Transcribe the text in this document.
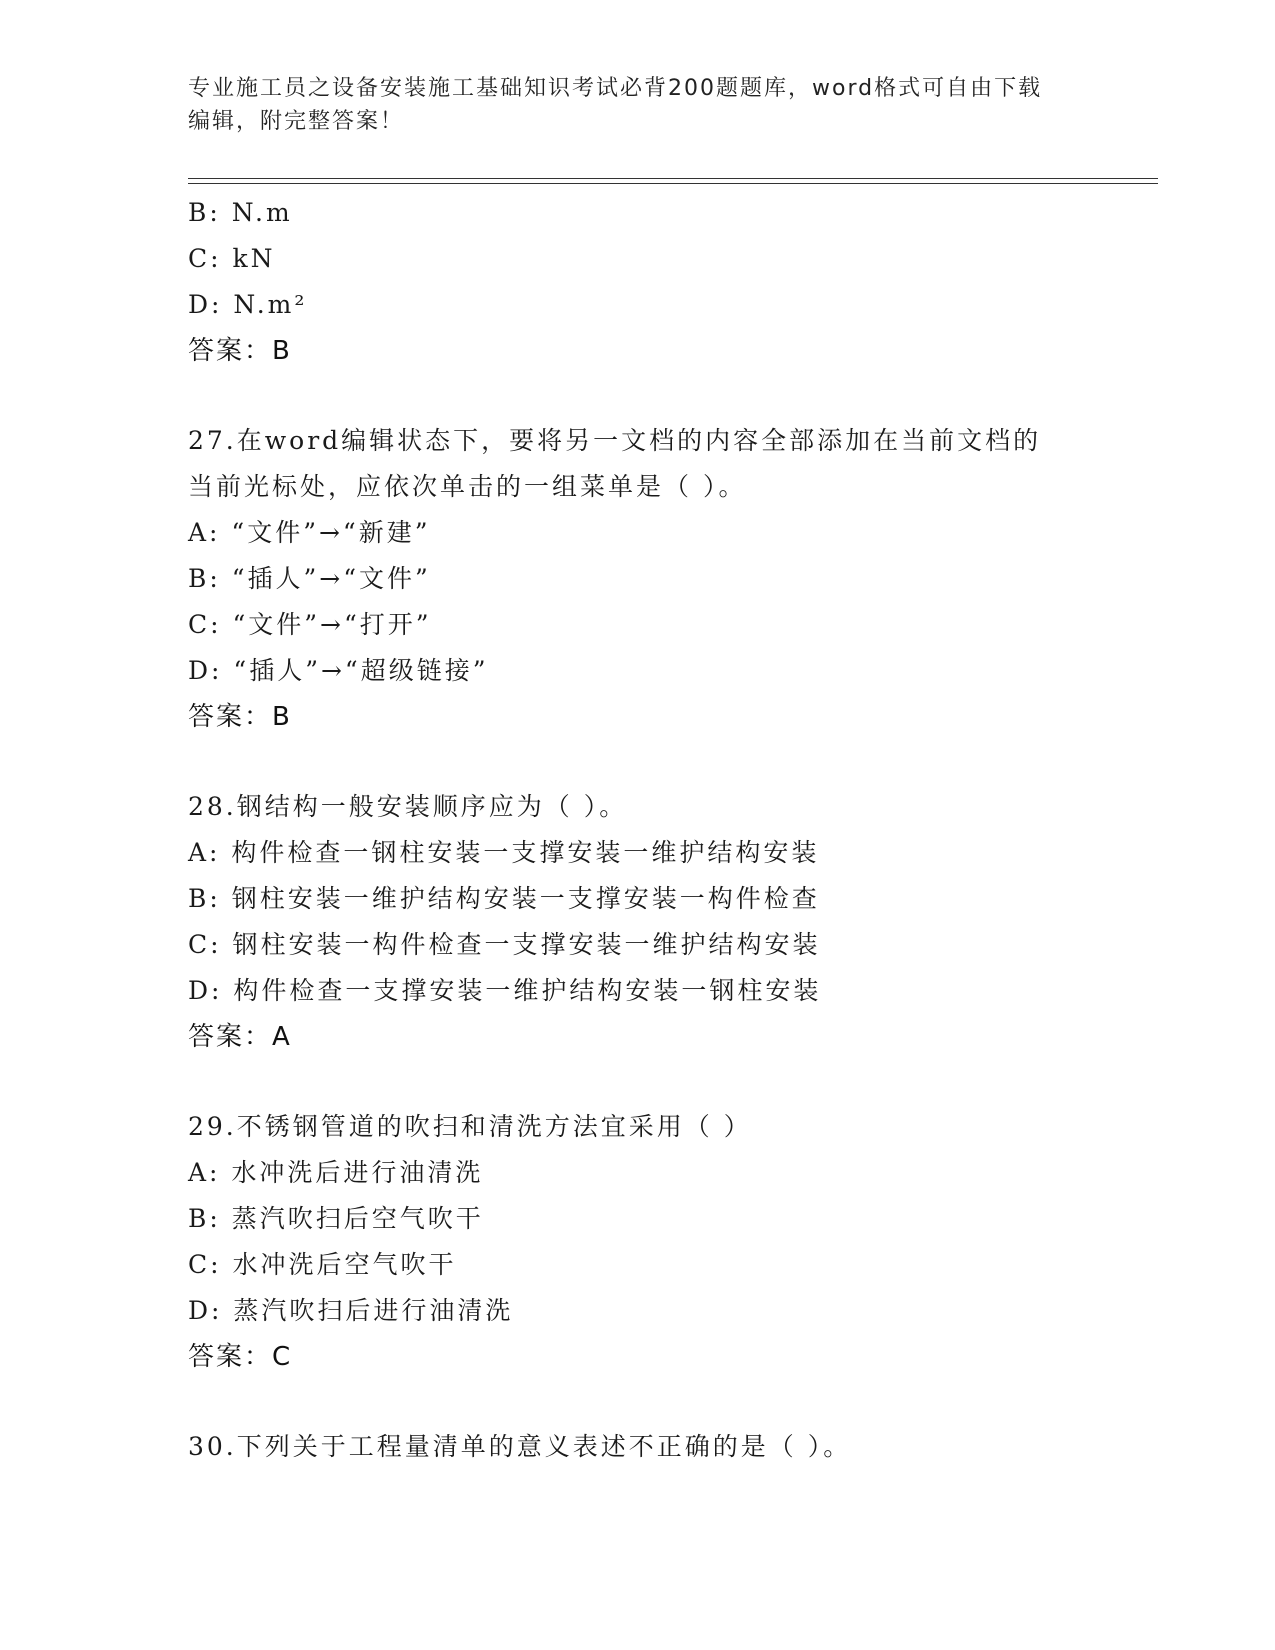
专业施工员之设备安装施工基础知识考试必背200题题库，word格式可自由下载
编辑，附完整答案！
B: N.m
C: kN
D: N.m²
答案：B
27.在word编辑状态下，要将另一文档的内容全部添加在当前文档的
当前光标处，应依次单击的一组菜单是（ ）。
A: “文件”→“新建”
B: “插人”→“文件”
C: “文件”→“打开”
D: “插人”→“超级链接”
答案：B
28.钢结构一般安装顺序应为（ ）。
A: 构件检查一钢柱安装一支撑安装一维护结构安装
B: 钢柱安装一维护结构安装一支撑安装一构件检查
C: 钢柱安装一构件检查一支撑安装一维护结构安装
D: 构件检查一支撑安装一维护结构安装一钢柱安装
答案：A
29.不锈钢管道的吹扫和清洗方法宜采用（ ）
A: 水冲洗后进行油清洗
B: 蒸汽吹扫后空气吹干
C: 水冲洗后空气吹干
D: 蒸汽吹扫后进行油清洗
答案：C
30.下列关于工程量清单的意义表述不正确的是（ ）。
